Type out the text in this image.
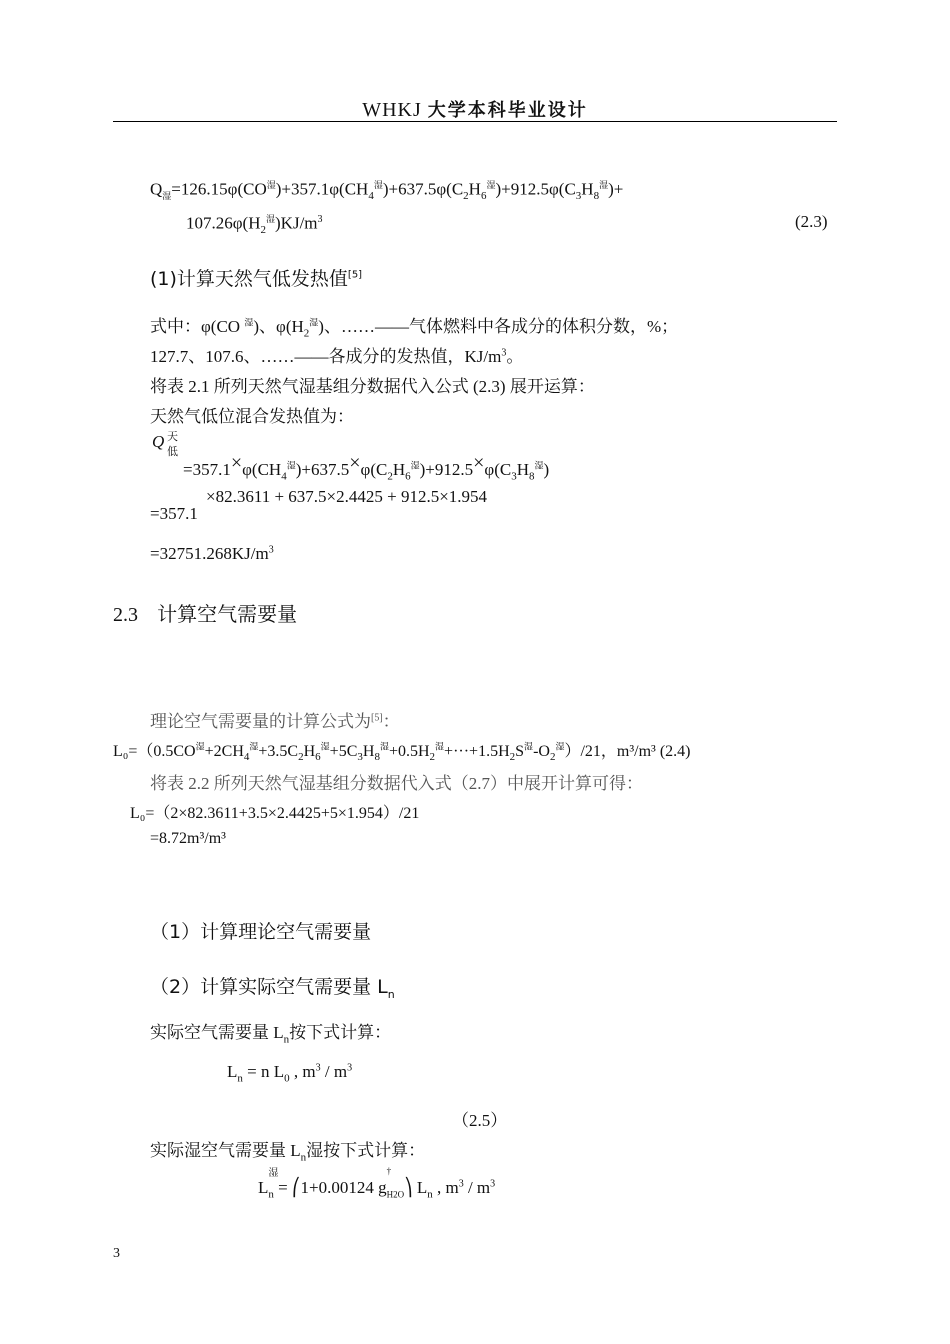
WHKJ 大学本科毕业设计
$Q_湿=126.15\varphi(CO^湿)+357.1\varphi(CH_4^湿)+637.5\varphi(C_2H_6^湿)+912.5\varphi(C_3H_8^湿)+$
$107.26\varphi(H_2^湿)KJ/m^3$	(2.3)
(1)计算天然气低发热值[5]
式中：φ(CO $^湿$)、$\varphi(H_2^湿)$、……——气体燃料中各成分的体积分数，%；
127.7、107.6、……——各成分的发热值，$KJ/m^3$。
将表 2.1 所列天然气湿基组分数据代入公式 (2.3) 展开运算：
天然气低位混合发热值为：
Q 天
低
$=357.1\times\varphi(CH_4^湿)+637.5\times\varphi(C_2H_6^湿)+912.5\times\varphi(C_3H_8^湿)$
×82.3611 + 637.5×2.4425 + 912.5×1.954
=357.1
$=32751.268KJ/m^3$
2.3 计算空气需要量
理论空气需要量的计算公式为[5]：
$L_0=(0.5CO^湿+2CH_4^湿+3.5C_2H_6^湿+5C_3H_8^湿+0.5H_2^湿+\cdot\cdot\cdot+1.5H_2S^湿-O_2^湿)/21$，m³/m³ (2.4)
将表 2.2 所列天然气湿基组分数据代入式（2.7）中展开计算可得：
L₀=（2×82.3611+3.5×2.4425+5×1.954）/21
=8.72m³/m³
（1）计算理论空气需要量
（2）计算实际空气需要量 $L_n$
实际空气需要量 $L_n$按下式计算：
$L_n = n$ $L_0$ , $m^3 / m^3$
（2.5）
实际湿空气需要量 $L_n$湿按下式计算：
L
湿
$_n$ = ⎛1+0.00124 g
†
$_{H2O}$⎞ $L_n$ , $m^3 / m^3$
3
